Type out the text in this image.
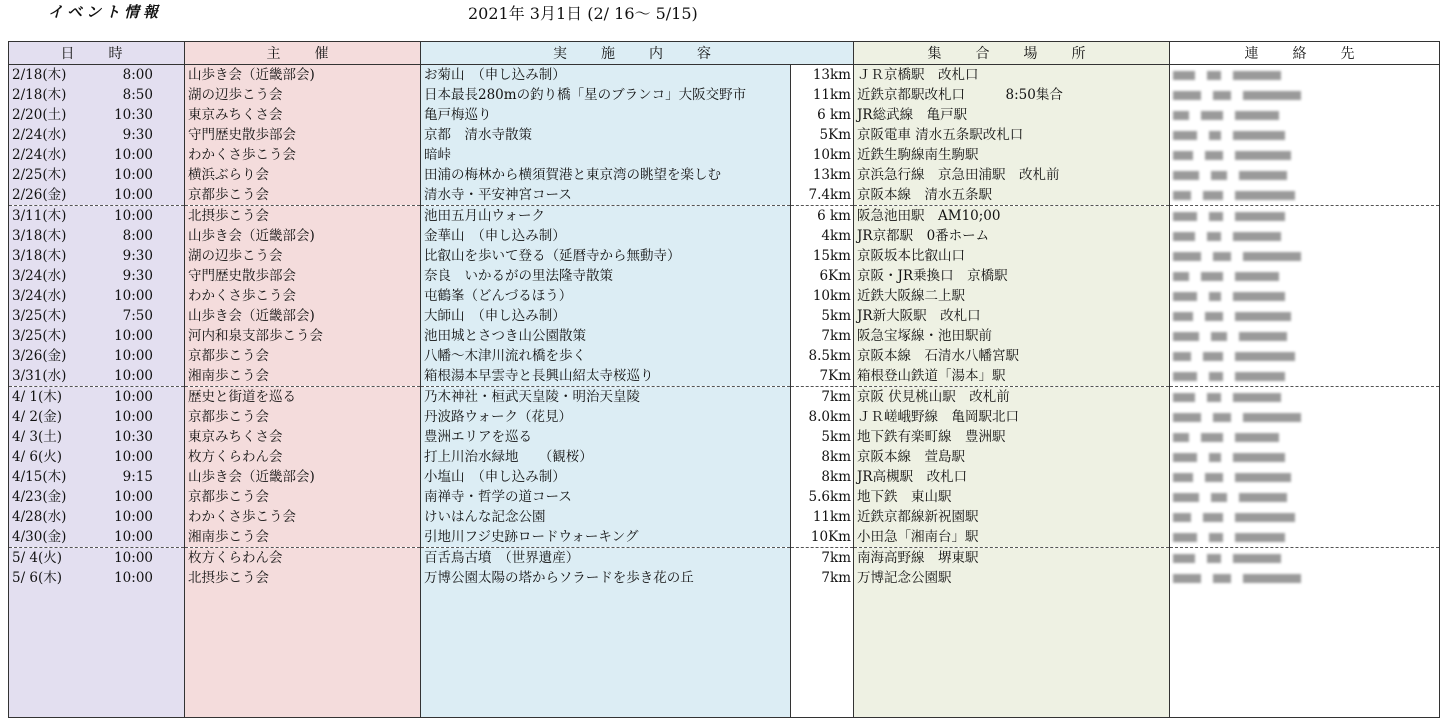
イベント情報	2021年 3月1日 (2/ 16～ 5/15)
日　時	主　催	実　施　内　容		集　合　場　所	連　絡　先

2/18(木) 8:00	山歩き会（近畿部会)	お菊山　（申し込み制）	13km	ＪＲ京橋駅　改札口	

2/18(木) 8:50	湖の辺歩こう会	日本最長280mの釣り橋「星のブランコ」大阪交野市	11km	近鉄京都駅改札口　　　8:50集合	

2/20(土) 10:30	東京みちくさ会	亀戸梅巡り	6 km	JR総武線　亀戸駅	

2/24(水) 9:30	守門歴史散歩部会	京都　清水寺散策	5Km	京阪電車 清水五条駅改札口	

2/24(水) 10:00	わかくさ歩こう会	暗峠	10km	近鉄生駒線南生駒駅	

2/25(木) 10:00	横浜ぶらり会	田浦の梅林から横須賀港と東京湾の眺望を楽しむ	13km	京浜急行線　京急田浦駅　改札前	

2/26(金) 10:00	京都歩こう会	清水寺・平安神宮コース	7.4km	京阪本線　清水五条駅	

3/11(木) 10:00	北摂歩こう会	池田五月山ウォーク	6 km	阪急池田駅　AM10;00	

3/18(木) 8:00	山歩き会（近畿部会)	金華山　（申し込み制）	4km	JR京都駅　0番ホーム	

3/18(木) 9:30	湖の辺歩こう会	比叡山を歩いて登る（延暦寺から無動寺）	15km	京阪坂本比叡山口	

3/24(水) 9:30	守門歴史散歩部会	奈良　いかるがの里法隆寺散策	6Km	京阪・JR乗換口　京橋駅	

3/24(水) 10:00	わかくさ歩こう会	屯鶴峯（どんづるほう）	10km	近鉄大阪線二上駅	

3/25(木) 7:50	山歩き会（近畿部会)	大師山　（申し込み制）	5km	JR新大阪駅　改札口	

3/25(木) 10:00	河内和泉支部歩こう会	池田城とさつき山公園散策	7km	阪急宝塚線・池田駅前	

3/26(金) 10:00	京都歩こう会	八幡～木津川流れ橋を歩く	8.5km	京阪本線　石清水八幡宮駅	

3/31(水) 10:00	湘南歩こう会	箱根湯本早雲寺と長興山紹太寺桜巡り	7Km	箱根登山鉄道「湯本」駅	

4/ 1(木) 10:00	歴史と街道を巡る	乃木神社・桓武天皇陵・明治天皇陵	7km	京阪 伏見桃山駅　改札前	

4/ 2(金) 10:00	京都歩こう会	丹波路ウォーク（花見）	8.0km	ＪＲ嵯峨野線　亀岡駅北口	

4/ 3(土) 10:30	東京みちくさ会	豊洲エリアを巡る	5km	地下鉄有楽町線　豊洲駅	

4/ 6(火) 10:00	枚方くらわん会	打上川治水緑地　　（観桜）	8km	京阪本線　萱島駅	

4/15(木) 9:15	山歩き会（近畿部会)	小塩山　（申し込み制）	8km	JR高槻駅　改札口	

4/23(金) 10:00	京都歩こう会	南禅寺・哲学の道コース	5.6km	地下鉄　東山駅	

4/28(水) 10:00	わかくさ歩こう会	けいはんな記念公園	11km	近鉄京都線新祝園駅	

4/30(金) 10:00	湘南歩こう会	引地川フジ史跡ロードウォーキング	10Km	小田急「湘南台」駅	

5/ 4(火) 10:00	枚方くらわん会	百舌鳥古墳　（世界遺産）	7km	南海高野線　堺東駅	

5/ 6(木) 10:00	北摂歩こう会	万博公園太陽の塔からソラードを歩き花の丘	7km	万博記念公園駅	
